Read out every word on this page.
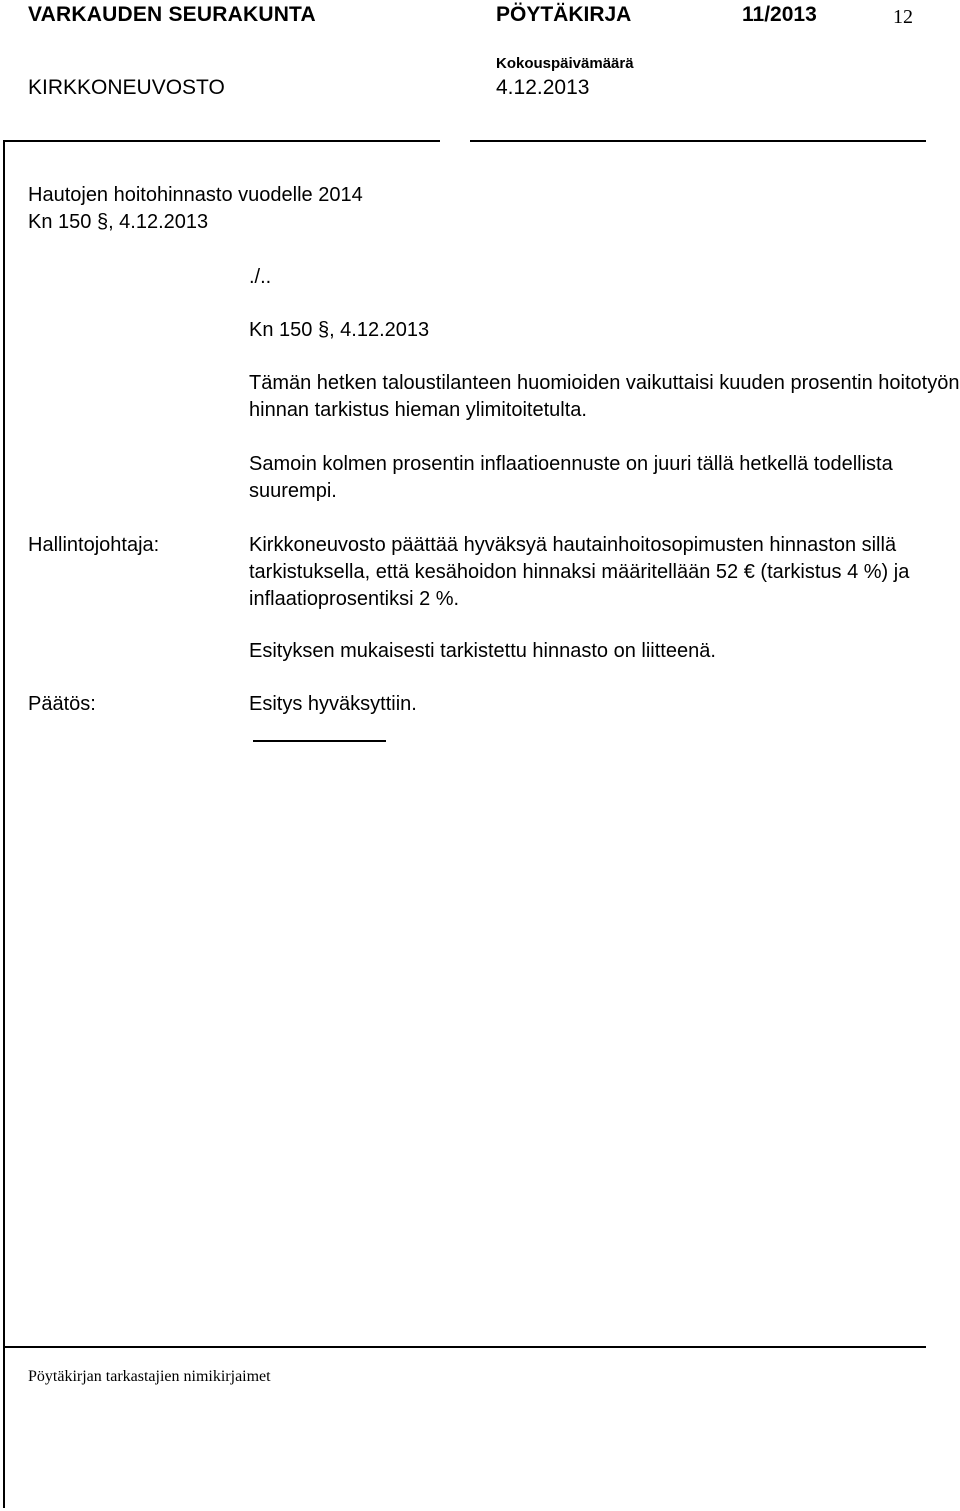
VARKAUDEN SEURAKUNTA	PÖYTÄKIRJA	11/2013	12
KIRKKONEUVOSTO
Kokouspäivämäärä
4.12.2013
Hautojen hoitohinnasto vuodelle 2014
Kn 150 §, 4.12.2013
./..
Kn 150 §, 4.12.2013
Tämän hetken taloustilanteen huomioiden vaikuttaisi kuuden prosentin hoitotyön hinnan tarkistus hieman ylimitoitetulta.
Samoin kolmen prosentin inflaatioennuste on juuri tällä hetkellä todellista suurempi.
Hallintojohtaja:	Kirkkoneuvosto päättää hyväksyä hautainhoitosopimusten hinnaston sillä tarkistuksella, että kesähoidon hinnaksi määritellään 52 € (tarkistus 4 %) ja inflaatioprosentiksi 2 %.
Esityksen mukaisesti tarkistettu hinnasto on liitteenä.
Päätös:	Esitys hyväksyttiin.
Pöytäkirjan tarkastajien nimikirjaimet
